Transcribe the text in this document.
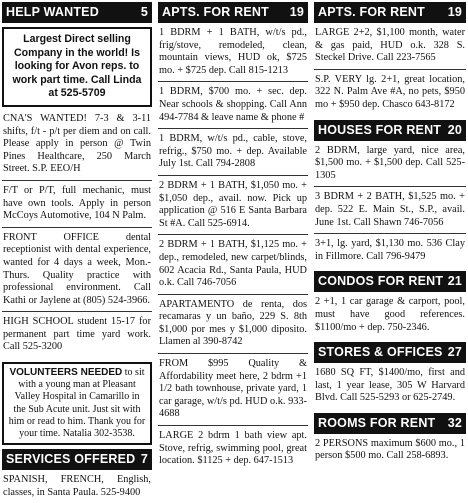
HELP WANTED	5
Largest Direct selling Company in the world! Is looking for Avon reps. to work part time. Call Linda at 525-5709
CNA'S WANTED! 7-3 & 3-11 shifts, f/t - p/t per diem and on call. Please apply in person @ Twin Pines Healthcare, 250 March Street. S.P. EEO/H
F/T or P/T, full mechanic, must have own tools. Apply in person McCoys Automotive, 104 N Palm.
FRONT OFFICE dental receptionist with dental experience, wanted for 4 days a week, Mon.-Thurs. Quality practice with professional environment. Call Kathi or Jaylene at (805) 524-3966.
HIGH SCHOOL student 15-17 for permanent part time yard work. Call 525-3200
VOLUNTEERS NEEDED to sit with a young man at Pleasant Valley Hospital in Camarillo in the Sub Acute unit. Just sit with him or read to him. Thank you for your time. Natalia 302-3538.
SERVICES OFFERED 7
SPANISH, FRENCH, English, classes, in Santa Paula. 525-9400
APTS. FOR RENT 19
1 BDRM + 1 BATH, w/t/s pd., frig/stove, remodeled, clean, mountain views, HUD ok, $725 mo. + $725 dep. Call 815-1213
1 BDRM, $700 mo. + sec. dep. Near schools & shopping. Call Ann 494-7784 & leave name & phone #
1 BDRM, w/t/s pd., cable, stove, refrig., $750 mo. + dep. Available July 1st. Call 794-2808
2 BDRM + 1 BATH, $1,050 mo. + $1,050 dep., avail. now. Pick up application @ 516 E Santa Barbara St #A. Call 525-6914.
2 BDRM + 1 BATH, $1,125 mo. + dep., remodeled, new carpet/blinds, 602 Acacia Rd., Santa Paula, HUD o.k. Call 746-7056
APARTAMENTO de renta, dos recamaras y un baño, 229 S. 8th $1,000 por mes y $1,000 diposito. Llamen al 390-8742
FROM $995 Quality & Affordability meet here, 2 bdrm +1 1/2 bath townhouse, private yard, 1 car garage, w/t/s pd. HUD o.k. 933-4688
LARGE 2 bdrm 1 bath view apt. Stove, refrig, swimming pool, great location. $1125 + dep. 647-1513
APTS. FOR RENT 19
LARGE 2+2, $1,100 month, water & gas paid, HUD o.k. 328 S. Steckel Drive. Call 223-7565
S.P. VERY lg. 2+1, great location, 322 N. Palm Ave #A, no pets, $950 mo + $950 dep. Chasco 643-8172
HOUSES FOR RENT 20
2 BDRM, large yard, nice area, $1,500 mo. + $1,500 dep. Call 525-1305
3 BDRM + 2 BATH, $1,525 mo. + dep. 522 E. Main St., S.P., avail. June 1st. Call Shawn 746-7056
3+1, lg. yard, $1,130 mo. 536 Clay in Fillmore. Call 796-9479
CONDOS FOR RENT 21
2 +1, 1 car garage & carport, pool, must have good references. $1100/mo + dep. 750-2346.
STORES & OFFICES 27
1680 SQ FT, $1400/mo, first and last, 1 year lease, 305 W Harvard Blvd. Call 525-5293 or 625-2749.
ROOMS FOR RENT 32
2 PERSONS maximum $600 mo., 1 person $500 mo. Call 258-6893.
